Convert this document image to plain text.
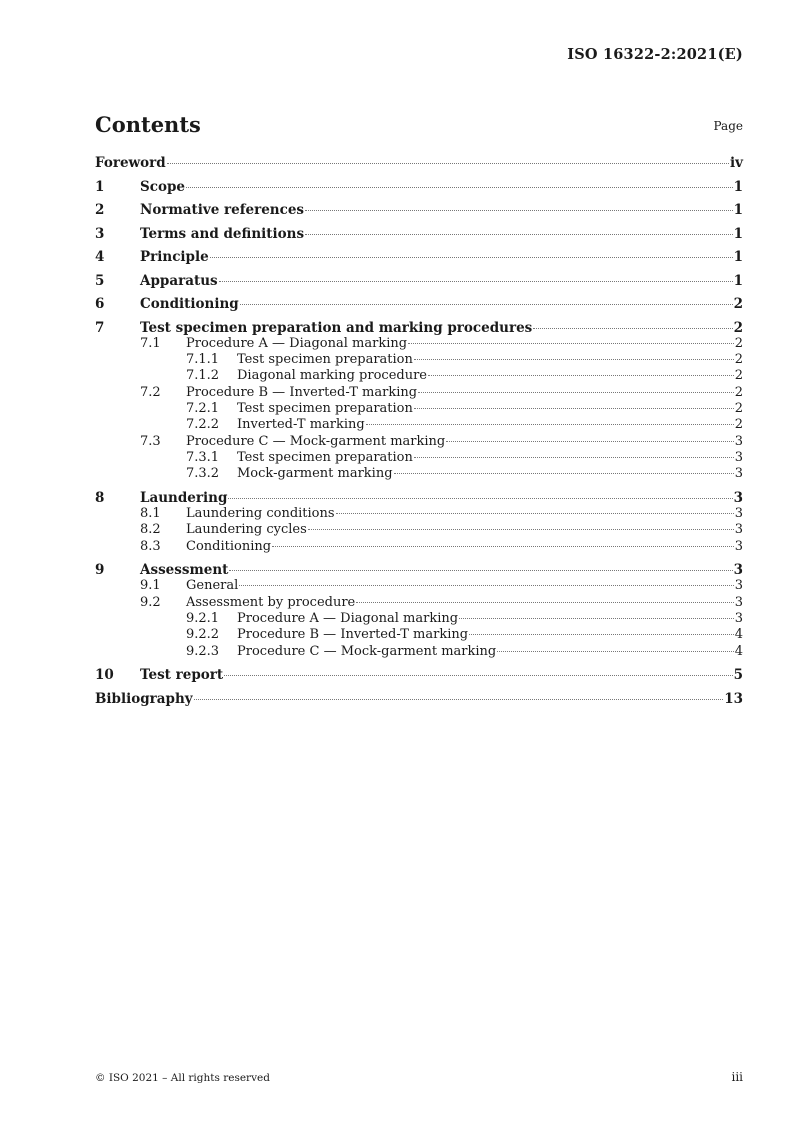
ISO 16322-2:2021(E)
Contents	Page
Foreword	iv
1	Scope	1
2	Normative references	1
3	Terms and definitions	1
4	Principle	1
5	Apparatus	1
6	Conditioning	2
7	Test specimen preparation and marking procedures	2
7.1	Procedure A — Diagonal marking	2
7.1.1	Test specimen preparation	2
7.1.2	Diagonal marking procedure	2
7.2	Procedure B — Inverted-T marking	2
7.2.1	Test specimen preparation	2
7.2.2	Inverted-T marking	2
7.3	Procedure C — Mock-garment marking	3
7.3.1	Test specimen preparation	3
7.3.2	Mock-garment marking	3
8	Laundering	3
8.1	Laundering conditions	3
8.2	Laundering cycles	3
8.3	Conditioning	3
9	Assessment	3
9.1	General	3
9.2	Assessment by procedure	3
9.2.1	Procedure A — Diagonal marking	3
9.2.2	Procedure B — Inverted-T marking	4
9.2.3	Procedure C — Mock-garment marking	4
10	Test report	5
Bibliography	13
© ISO 2021 – All rights reserved	iii
